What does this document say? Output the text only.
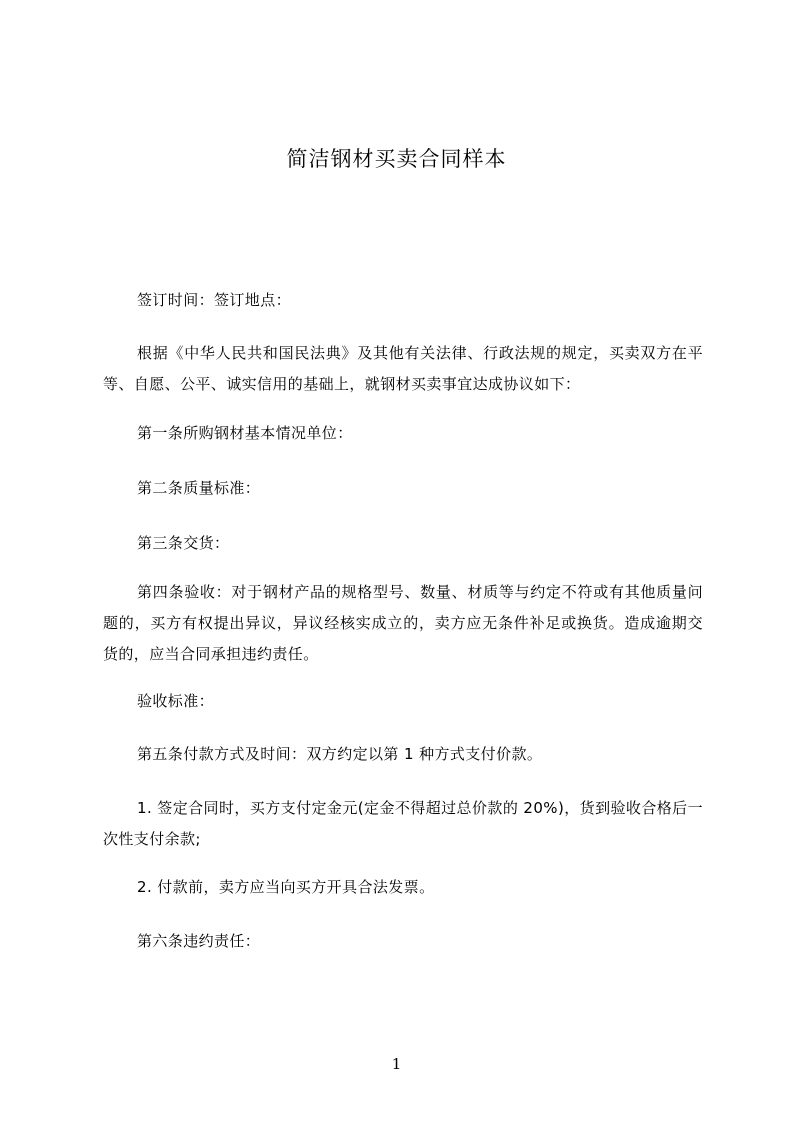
简洁钢材买卖合同样本
签订时间：签订地点：
根据《中华人民共和国民法典》及其他有关法律、行政法规的规定，买卖双方在平等、自愿、公平、诚实信用的基础上，就钢材买卖事宜达成协议如下：
第一条所购钢材基本情况单位：
第二条质量标准：
第三条交货：
第四条验收：对于钢材产品的规格型号、数量、材质等与约定不符或有其他质量问题的，买方有权提出异议，异议经核实成立的，卖方应无条件补足或换货。造成逾期交货的，应当合同承担违约责任。
验收标准：
第五条付款方式及时间：双方约定以第 1 种方式支付价款。
1. 签定合同时，买方支付定金元(定金不得超过总价款的 20%)，货到验收合格后一次性支付余款;
2. 付款前，卖方应当向买方开具合法发票。
第六条违约责任：
1
